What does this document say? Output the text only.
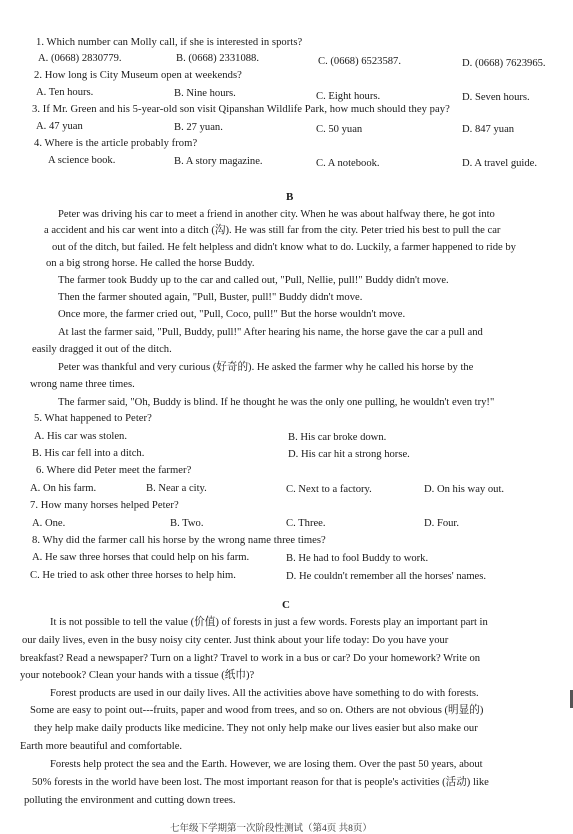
1. Which number can Molly call, if she is interested in sports?
A. (0668) 2830779.	B. (0668) 2331088.	C. (0668) 6523587.	D. (0668) 7623965.
2. How long is City Museum open at weekends?
A. Ten hours.	B. Nine hours.	C. Eight hours.	D. Seven hours.
3. If Mr. Green and his 5-year-old son visit Qipanshan Wildlife Park, how much should they pay?
A. 47 yuan	B. 27 yuan.	C. 50 yuan	D. 847 yuan
4. Where is the article probably from?
A science book.	B. A story magazine.	C. A notebook.	D. A travel guide.
B
Peter was driving his car to meet a friend in another city. When he was about halfway there, he got into
a accident and his car went into a ditch (沟). He was still far from the city. Peter tried his best to pull the car
out of the ditch, but failed. He felt helpless and didn't know what to do. Luckily, a farmer happened to ride by
on a big strong horse. He called the horse Buddy.
The farmer took Buddy up to the car and called out, "Pull, Nellie, pull!" Buddy didn't move.
Then the farmer shouted again, "Pull, Buster, pull!" Buddy didn't move.
Once more, the farmer cried out, "Pull, Coco, pull!" But the horse wouldn't move.
At last the farmer said, "Pull, Buddy, pull!" After hearing his name, the horse gave the car a pull and
easily dragged it out of the ditch.
Peter was thankful and very curious (好奇的). He asked the farmer why he called his horse by the
wrong name three times.
The farmer said, "Oh, Buddy is blind. If he thought he was the only one pulling, he wouldn't even try!"
5. What happened to Peter?
A. His car was stolen.	B. His car broke down.
B. His car fell into a ditch.	D. His car hit a strong horse.
6. Where did Peter meet the farmer?
A. On his farm.	B. Near a city.	C. Next to a factory.	D. On his way out.
7. How many horses helped Peter?
A. One.	B. Two.	C. Three.	D. Four.
8. Why did the farmer call his horse by the wrong name three times?
A. He saw three horses that could help on his farm.	B. He had to fool Buddy to work.
C. He tried to ask other three horses to help him.	D. He couldn't remember all the horses' names.
C
It is not possible to tell the value (价值) of forests in just a few words. Forests play an important part in
our daily lives, even in the busy noisy city center. Just think about your life today: Do you have your
breakfast? Read a newspaper? Turn on a light? Travel to work in a bus or car? Do your homework? Write on
your notebook? Clean your hands with a tissue (纸巾)?
Forest products are used in our daily lives. All the activities above have something to do with forests.
Some are easy to point out---fruits, paper and wood from trees, and so on. Others are not obvious (明显的)
they help make daily products like medicine. They not only help make our lives easier but also make our
Earth more beautiful and comfortable.
Forests help protect the sea and the Earth. However, we are losing them. Over the past 50 years, about
50% forests in the world have been lost. The most important reason for that is people's activities (活动) like
polluting the environment and cutting down trees.
七年级下学期第一次阶段性测试（第4页 共8页）
